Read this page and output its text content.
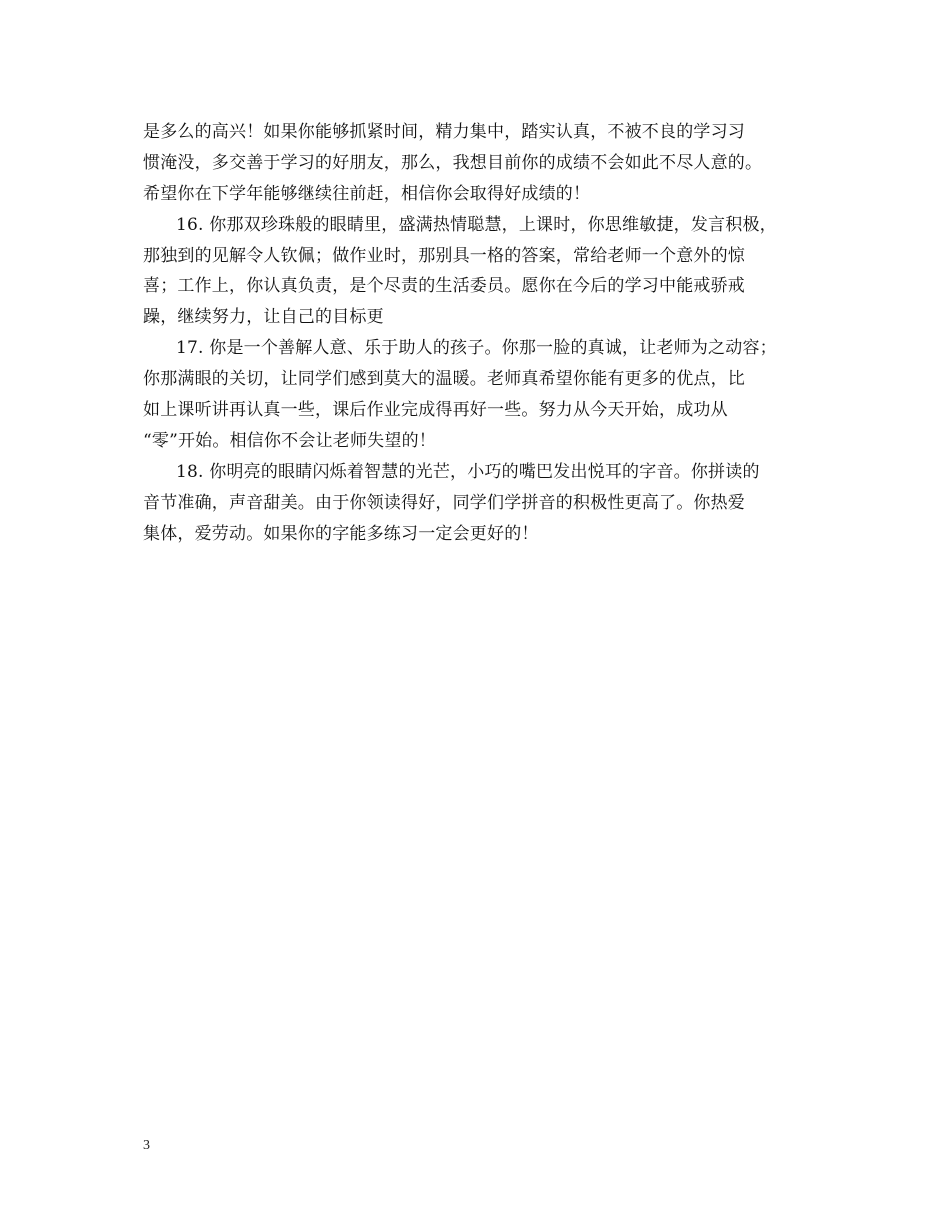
是多么的高兴！如果你能够抓紧时间，精力集中，踏实认真，不被不良的学习习
惯淹没，多交善于学习的好朋友，那么，我想目前你的成绩不会如此不尽人意的。
希望你在下学年能够继续往前赶，相信你会取得好成绩的！
16. 你那双珍珠般的眼睛里，盛满热情聪慧，上课时，你思维敏捷，发言积极，
那独到的见解令人钦佩；做作业时，那别具一格的答案，常给老师一个意外的惊
喜；工作上，你认真负责，是个尽责的生活委员。愿你在今后的学习中能戒骄戒
躁，继续努力，让自己的目标更
17. 你是一个善解人意、乐于助人的孩子。你那一脸的真诚，让老师为之动容；
你那满眼的关切，让同学们感到莫大的温暖。老师真希望你能有更多的优点，比
如上课听讲再认真一些，课后作业完成得再好一些。努力从今天开始，成功从
“零”开始。相信你不会让老师失望的！
18. 你明亮的眼睛闪烁着智慧的光芒，小巧的嘴巴发出悦耳的字音。你拼读的
音节准确，声音甜美。由于你领读得好，同学们学拼音的积极性更高了。你热爱
集体，爱劳动。如果你的字能多练习一定会更好的！
3
